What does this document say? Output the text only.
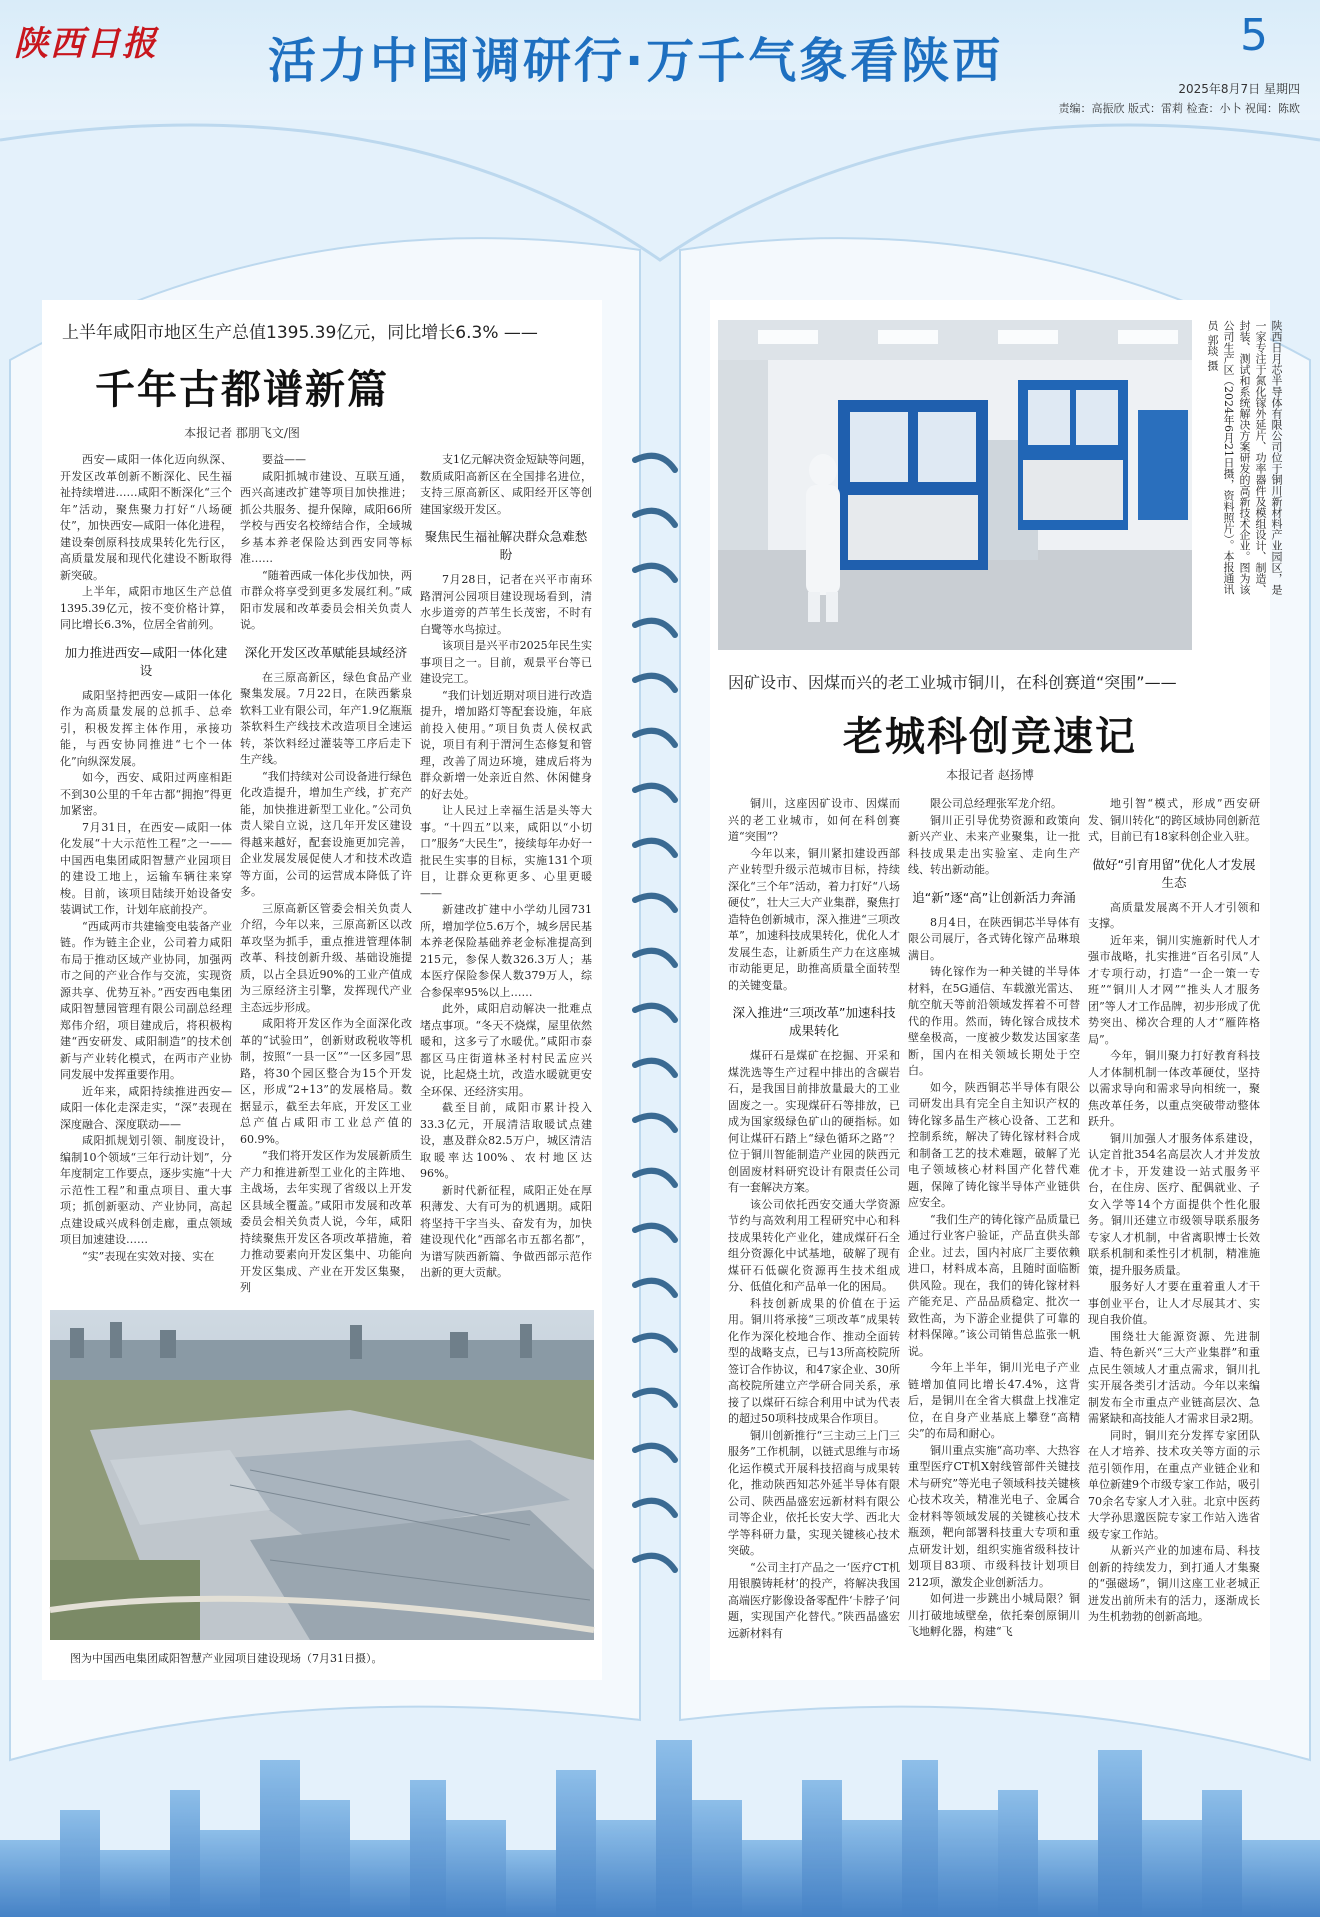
陕西日报 活力中国调研行·万千气象看陕西	5
2025年8月7日 星期四
责编：高振欣 版式：雷莉 检查：小卜 祝闻：陈欧
上半年咸阳市地区生产总值1395.39亿元，同比增长6.3% ——
千年古都谱新篇
本报记者 郡朋飞文/图

西安—咸阳一体化迈向纵深、开发区改革创新不断深化、民生福祉持续增进……咸阳不断深化“三个年”活动，聚焦聚力打好“八场硬仗”，加快西安—咸阳一体化进程，建设秦创原科技成果转化先行区，高质量发展和现代化建设不断取得新突破。

上半年，咸阳市地区生产总值1395.39亿元，按不变价格计算，同比增长6.3%，位居全省前列。

加力推进西安—咸阳一体化建设

咸阳坚持把西安—咸阳一体化作为高质量发展的总抓手、总牵引，积极发挥主体作用，承接功能，与西安协同推进“七个一体化”向纵深发展。

如今，西安、咸阳过两座相距不到30公里的千年古都“拥抱”得更加紧密。

7月31日，在西安—咸阳一体化发展“十大示范性工程”之一——中国西电集团咸阳智慧产业园项目的建设工地上，运输车辆往来穿梭。目前，该项目陆续开始设备安装调试工作，计划年底前投产。

“西咸两市共建输变电装备产业链。作为链主企业，公司着力咸阳布局于推动区域产业协同，加强两市之间的产业合作与交流，实现资源共享、优势互补。”西安西电集团咸阳智慧园管理有限公司副总经理郑伟介绍，项目建成后，将积极构建“西安研发、咸阳制造”的技术创新与产业转化模式，在两市产业协同发展中发挥重要作用。

近年来，咸阳持续推进西安—咸阳一体化走深走实，“深”表现在深度融合、深度联动——

咸阳抓规划引领、制度设计，编制10个领域“三年行动计划”，分年度制定工作要点，逐步实施“十大示范性工程”和重点项目、重大事项；抓创新驱动、产业协同，高起点建设咸兴成科创走廊，重点领域项目加速建设……

“实”表现在实效对接、实在

要益——

咸阳抓城市建设、互联互通，西兴高速改扩建等项目加快推进；抓公共服务、提升保障，咸阳66所学校与西安名校缔结合作，全域城乡基本养老保险达到西安同等标准……

“随着西咸一体化步伐加快，两市群众将享受到更多发展红利。”咸阳市发展和改革委员会相关负责人说。

深化开发区改革赋能县域经济

在三原高新区，绿色食品产业聚集发展。7月22日，在陕西紫泉软料工业有限公司，年产1.9亿瓶瓶茶软料生产线技术改造项目全速运转，茶饮料经过灌装等工序后走下生产线。

“我们持续对公司设备进行绿色化改造提升，增加生产线，扩充产能，加快推进新型工业化。”公司负责人梁自立说，这几年开发区建设得越来越好，配套设施更加完善，企业发展发展促使人才和技术改造等方面，公司的运营成本降低了许多。

三原高新区管委会相关负责人介绍，今年以来，三原高新区以改革攻坚为抓手，重点推进管理体制改革、科技创新升级、基础设施提质，以占全县近90%的工业产值成为三原经济主引擎，发挥现代产业主态远步形成。

咸阳将开发区作为全面深化改革的“试验田”，创新财政税收等机制，按照“一县一区”“一区多园”思路，将30个园区整合为15个开发区，形成“2+13”的发展格局。数据显示，截至去年底，开发区工业总产值占咸阳市工业总产值的60.9%。

“我们将开发区作为发展新质生产力和推进新型工业化的主阵地、主战场，去年实现了省级以上开发区县域全覆盖。”咸阳市发展和改革委员会相关负责人说，今年，咸阳持续聚焦开发区各项改革措施，着力推动要素向开发区集中、功能向开发区集成、产业在开发区集聚，列

支1亿元解决资金短缺等问题，数质咸阳高新区在全国排名进位，支持三原高新区、咸阳经开区等创建国家级开发区。

聚焦民生福祉解决群众急难愁盼

7月28日，记者在兴平市南环路渭河公园项目建设现场看到，清水步道旁的芦苇生长茂密，不时有白鹭等水鸟掠过。

该项目是兴平市2025年民生实事项目之一。目前，观景平台等已建设完工。

“我们计划近期对项目进行改造提升，增加路灯等配套设施，年底前投入使用。”项目负责人侯权武说，项目有利于渭河生态修复和管理，改善了周边环境，建成后将为群众新增一处亲近自然、休闲健身的好去处。

让人民过上幸福生活是头等大事。“十四五”以来，咸阳以“小切口”服务“大民生”，接续每年办好一批民生实事的目标，实施131个项目，让群众更称更多、心里更暖——

新建改扩建中小学幼儿园731所，增加学位5.6万个，城乡居民基本养老保险基础养老金标准提高到215元，参保人数326.3万人；基本医疗保险参保人数379万人，综合参保率95%以上……

此外，咸阳启动解决一批难点堵点事项。“冬天不烧煤，屋里依然暖和，这多亏了水暖优。”咸阳市泰都区马庄街道林圣村村民孟应兴说，比起烧土坑，改造水暖就更安全环保、还经济实用。

截至目前，咸阳市累计投入33.3亿元，开展清洁取暖试点建设，惠及群众82.5万户，城区清洁取暖率达100%、农村地区达96%。

新时代新征程，咸阳正处在厚积薄发、大有可为的机遇期。咸阳将坚持干字当头、奋发有为，加快建设现代化“西部名市五都名都”，为谱写陕西新篇、争做西部示范作出新的更大贡献。

图为中国西电集团咸阳智慧产业园项目建设现场（7月31日摄）。
陕西日月芯半导体有限公司位于铜川新材料产业园区，是一家专注于氮化镓外延片、功率器件及模组设计、制造、封装、测试和系统解决方案研发的高新技术企业。图为该公司生产区（2024年6月21日摄，资料照片）。本报通讯员 郭琰 摄
因矿设市、因煤而兴的老工业城市铜川，在科创赛道“突围”——
老城科创竞速记
本报记者 赵扬博

铜川，这座因矿设市、因煤而兴的老工业城市，如何在科创赛道“突围”？

今年以来，铜川紧扣建设西部产业转型升级示范城市目标，持续深化“三个年”活动，着力打好“八场硬仗”，壮大三大产业集群，聚焦打造特色创新城市，深入推进“三项改革”，加速科技成果转化，优化人才发展生态，让新质生产力在这座城市动能更足，助推高质量全面转型的关键变量。

深入推进“三项改革”加速科技成果转化

煤矸石是煤矿在挖掘、开采和煤洗选等生产过程中排出的含碳岩石，是我国目前排放量最大的工业固废之一。实现煤矸石等排放，已成为国家级绿色矿山的硬指标。如何让煤矸石踏上“绿色循环之路”？位于铜川智能制造产业园的陕西元创固废材料研究设计有限责任公司有一套解决方案。

该公司依托西安交通大学资源节约与高效利用工程研究中心和科技成果转化产业化，建成煤矸石全组分资源化中试基地，破解了现有煤矸石低碳化资源再生技术组成分、低值化和产品单一化的困局。

科技创新成果的价值在于运用。铜川将承接“三项改革”成果转化作为深化校地合作、推动全面转型的战略支点，已与13所高校院所签订合作协议，和47家企业、30所高校院所建立产学研合同关系，承接了以煤矸石综合利用中试为代表的超过50项科技成果合作项目。

铜川创新推行“三主动三上门三服务”工作机制，以链式思维与市场化运作模式开展科技招商与成果转化，推动陕西知芯外延半导体有限公司、陕西晶盛宏远新材料有限公司等企业，依托长安大学、西北大学等科研力量，实现关键核心技术突破。

“公司主打产品之一‘医疗CT机用银膜铸耗材’的投产，将解决我国高端医疗影像设备零配件‘卡脖子’问题，实现国产化替代。”陕西晶盛宏远新材料有

限公司总经理张军龙介绍。

铜川正引导优势资源和政策向新兴产业、未来产业聚集，让一批科技成果走出实验室、走向生产线、转出新动能。

追“新”逐“高”让创新活力奔涌

8月4日，在陕西铜芯半导体有限公司展厅，各式铸化镓产品琳琅满目。

铸化镓作为一种关键的半导体材料，在5G通信、车载激光雷达、航空航天等前沿领域发挥着不可替代的作用。然而，铸化镓合成技术壁垒极高，一度被少数发达国家垄断，国内在相关领域长期处于空白。

如今，陕西铜芯半导体有限公司研发出具有完全自主知识产权的铸化镓多晶生产核心设备、工艺和控制系统，解决了铸化镓材料合成和制备工艺的技术难题，破解了光电子领域核心材料国产化替代难题，保障了铸化镓半导体产业链供应安全。

“我们生产的铸化镓产品质量已通过行业客户验证，产品直供头部企业。过去，国内衬底厂主要依赖进口，材料成本高，且随时面临断供风险。现在，我们的铸化镓材料产能充足、产品品质稳定、批次一致性高，为下游企业提供了可靠的材料保障。”该公司销售总监张一帆说。

今年上半年，铜川光电子产业链增加值同比增长47.4%，这背后，是铜川在全省大棋盘上找准定位，在自身产业基底上攀登“高精尖”的布局和耐心。

铜川重点实施“高功率、大热容重型医疗CT机X射线管部件关键技术与研究”等光电子领域科技关键核心技术攻关，精准光电子、金属合金材料等领域发展的关键核心技术瓶颈，靶向部署科技重大专项和重点研发计划，组织实施省级科技计划项目83项、市级科技计划项目212项，激发企业创新活力。

如何进一步跳出小城局限？铜川打破地域壁垒，依托秦创原铜川飞地孵化器，构建“飞

地引智“模式，形成”西安研发、铜川转化“的跨区域协同创新范式，目前已有18家科创企业入驻。

做好“引育用留”优化人才发展生态

高质量发展离不开人才引领和支撑。

近年来，铜川实施新时代人才强市战略，扎实推进“百名引凤”人才专项行动，打造“一企一策一专班”“铜川人才网”“推头人才服务团”等人才工作品牌，初步形成了优势突出、梯次合理的人才“雁阵格局”。

今年，铜川聚力打好教育科技人才体制机制一体改革硬仗，坚持以需求导向和需求导向相统一，聚焦改革任务，以重点突破带动整体跃升。

铜川加强人才服务体系建设，认定首批354名高层次人才并发放优才卡，开发建设一站式服务平台，在住房、医疗、配偶就业、子女入学等14个方面提供个性化服务。铜川还建立市级领导联系服务专家人才机制，中省离职博士长效联系机制和柔性引才机制，精准施策，提升服务质量。

服务好人才要在重着重人才干事创业平台，让人才尽展其才、实现自我价值。

围绕壮大能源资源、先进制造、特色新兴“三大产业集群”和重点民生领域人才重点需求，铜川扎实开展各类引才活动。今年以来编制发布全市重点产业链高层次、急需紧缺和高技能人才需求目录2期。

同时，铜川充分发挥专家团队在人才培养、技术攻关等方面的示范引领作用，在重点产业链企业和单位新建9个市级专家工作站，吸引70余名专家人才入驻。北京中医药大学孙思邈医院专家工作站入选省级专家工作站。

从新兴产业的加速布局、科技创新的持续发力，到打通人才集聚的“强磁场”，铜川这座工业老城正迸发出前所未有的活力，逐渐成长为生机勃勃的创新高地。
